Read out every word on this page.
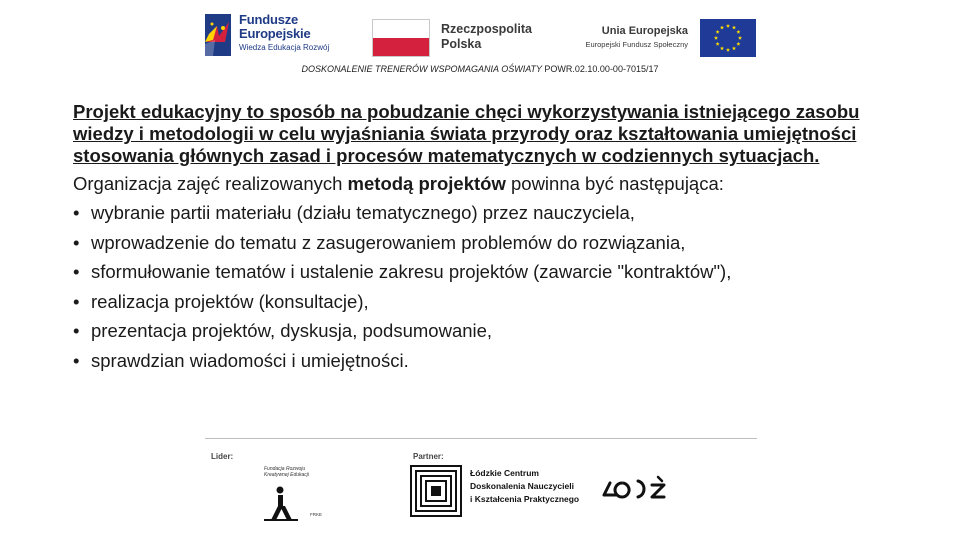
Fundusze
Europejskie
Wiedza Edukacja Rozwój
Rzeczpospolita
Polska
Unia Europejska
Europejski Fundusz Społeczny
DOSKONALENIE TRENERÓW WSPOMAGANIA OŚWIATY POWR.02.10.00-00-7015/17

Projekt edukacyjny to sposób na pobudzanie chęci wykorzystywania istniejącego zasobu wiedzy i metodologii w celu wyjaśniania świata przyrody oraz kształtowania umiejętności stosowania głównych zasad i procesów matematycznych w codziennych sytuacjach.

Organizacja zajęć realizowanych metodą projektów powinna być następująca:

• wybranie partii materiału (działu tematycznego) przez nauczyciela,
• wprowadzenie do tematu z zasugerowaniem problemów do rozwiązania,
• sformułowanie tematów i ustalenie zakresu projektów (zawarcie "kontraktów"),
• realizacja projektów (konsultacje),
• prezentacja projektów, dyskusja, podsumowanie,
• sprawdzian wiadomości i umiejętności.
Lider:	Partner:
Fundacja Rozwoju
Kreatywnej Edukacji
FRKE
Łódzkie Centrum
Doskonalenia Nauczycieli
i Kształcenia Praktycznego
